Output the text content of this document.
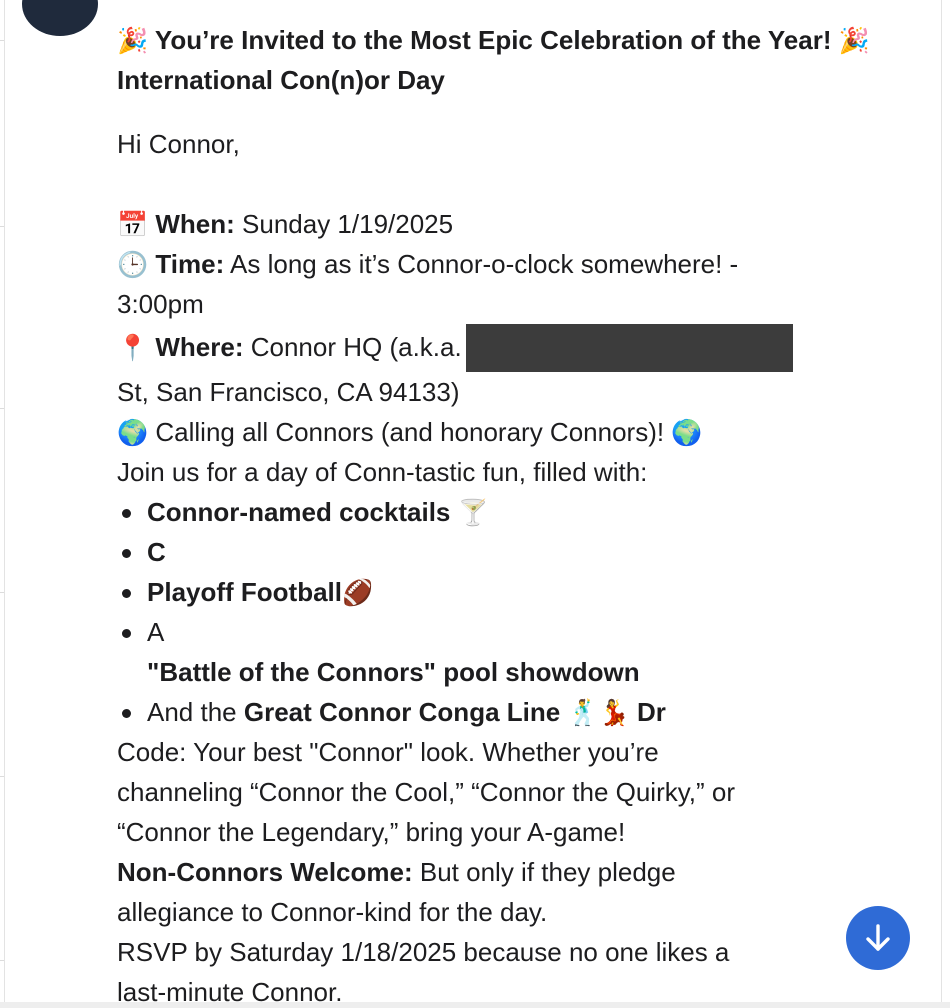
🎉 You’re Invited to the Most Epic Celebration of the Year! 🎉
International Con(n)or Day
Hi Connor,
📅 When: Sunday 1/19/2025
🕒 Time: As long as it’s Connor-o-clock somewhere! -
3:00pm
📍 Where: Connor HQ (a.k.a.
St, San Francisco, CA 94133)
🌍 Calling all Connors (and honorary Connors)! 🌍
Join us for a day of Conn-tastic fun, filled with:
Connor-named cocktails 🍸
C
Playoff Football🏈
A
"Battle of the Connors" pool showdown
And the Great Connor Conga Line 🕺💃 Dr
Code: Your best "Connor" look. Whether you’re
channeling “Connor the Cool,” “Connor the Quirky,” or
“Connor the Legendary,” bring your A-game!
Non-Connors Welcome: But only if they pledge
allegiance to Connor-kind for the day.
RSVP by Saturday 1/18/2025 because no one likes a
last-minute Connor.
